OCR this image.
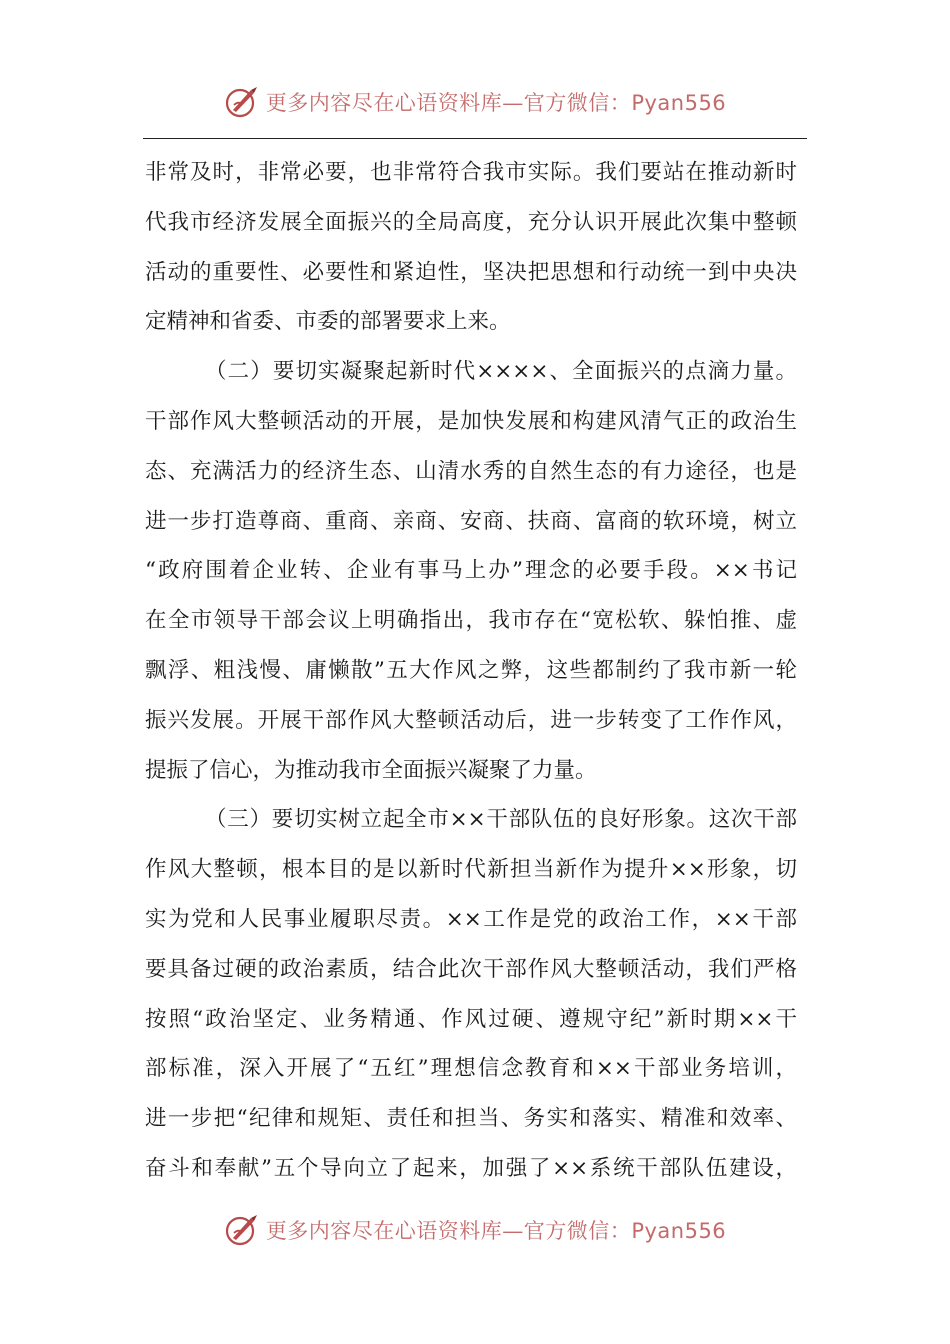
更多内容尽在心语资料库—官方微信：Pyan556
非常及时，非常必要，也非常符合我市实际。我们要站在推动新时
代我市经济发展全面振兴的全局高度，充分认识开展此次集中整顿
活动的重要性、必要性和紧迫性，坚决把思想和行动统一到中央决
定精神和省委、市委的部署要求上来。
（二）要切实凝聚起新时代××××、全面振兴的点滴力量。
干部作风大整顿活动的开展，是加快发展和构建风清气正的政治生
态、充满活力的经济生态、山清水秀的自然生态的有力途径，也是
进一步打造尊商、重商、亲商、安商、扶商、富商的软环境，树立
“政府围着企业转、企业有事马上办”理念的必要手段。××书记
在全市领导干部会议上明确指出，我市存在“宽松软、躲怕推、虚
飘浮、粗浅慢、庸懒散”五大作风之弊，这些都制约了我市新一轮
振兴发展。开展干部作风大整顿活动后，进一步转变了工作作风，
提振了信心，为推动我市全面振兴凝聚了力量。
（三）要切实树立起全市××干部队伍的良好形象。这次干部
作风大整顿，根本目的是以新时代新担当新作为提升××形象，切
实为党和人民事业履职尽责。××工作是党的政治工作，××干部
要具备过硬的政治素质，结合此次干部作风大整顿活动，我们严格
按照“政治坚定、业务精通、作风过硬、遵规守纪”新时期××干
部标准，深入开展了“五红”理想信念教育和××干部业务培训，
进一步把“纪律和规矩、责任和担当、务实和落实、精准和效率、
奋斗和奉献”五个导向立了起来，加强了××系统干部队伍建设，
更多内容尽在心语资料库—官方微信：Pyan556
